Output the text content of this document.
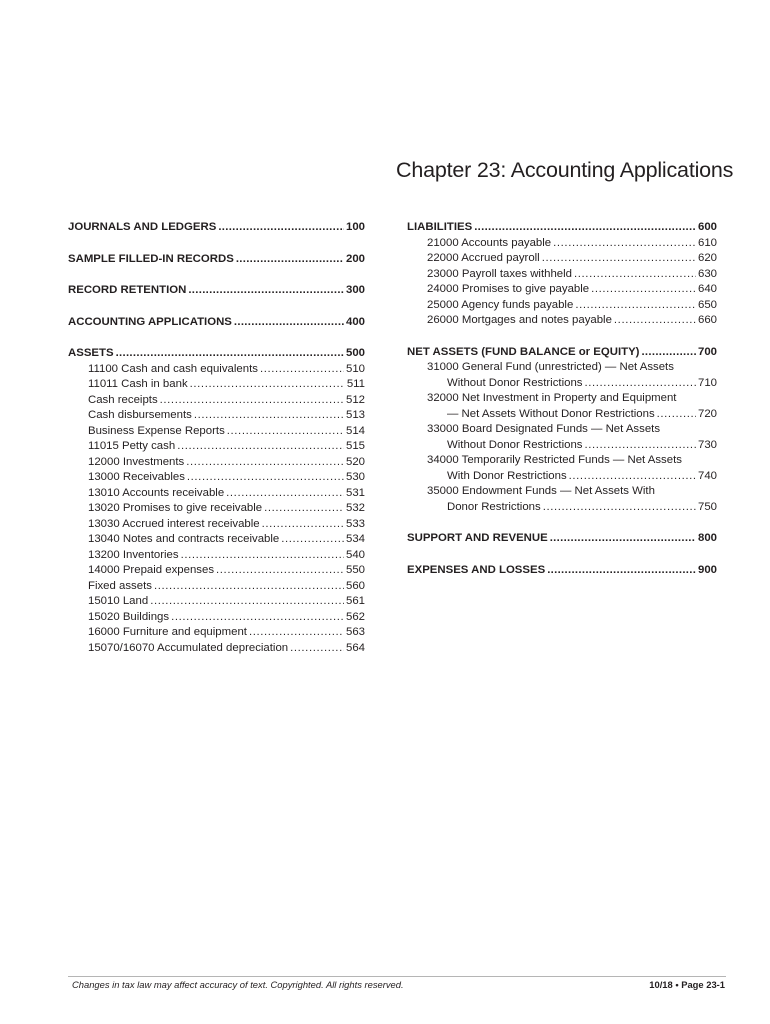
Chapter 23: Accounting Applications
JOURNALS AND LEDGERS .....	100
SAMPLE FILLED-IN RECORDS .....	200
RECORD RETENTION .....	300
ACCOUNTING APPLICATIONS .....	400
ASSETS .....	500
11100 Cash and cash equivalents .....	510
11011 Cash in bank .....	511
Cash receipts .....	512
Cash disbursements .....	513
Business Expense Reports .....	514
11015 Petty cash .....	515
12000 Investments .....	520
13000 Receivables .....	530
13010 Accounts receivable .....	531
13020 Promises to give receivable .....	532
13030 Accrued interest receivable .....	533
13040 Notes and contracts receivable .....	534
13200 Inventories .....	540
14000 Prepaid expenses .....	550
Fixed assets .....	560
15010 Land .....	561
15020 Buildings .....	562
16000 Furniture and equipment .....	563
15070/16070 Accumulated depreciation .....	564
LIABILITIES .....	600
21000 Accounts payable .....	610
22000 Accrued payroll .....	620
23000 Payroll taxes withheld .....	630
24000 Promises to give payable .....	640
25000 Agency funds payable .....	650
26000 Mortgages and notes payable .....	660
NET ASSETS (FUND BALANCE or EQUITY) .....	700
31000 General Fund (unrestricted) — Net Assets
Without Donor Restrictions .....	710
32000 Net Investment in Property and Equipment
— Net Assets Without Donor Restrictions .....	720
33000 Board Designated Funds — Net Assets
Without Donor Restrictions .....	730
34000 Temporarily Restricted Funds — Net Assets
With Donor Restrictions .....	740
35000 Endowment Funds — Net Assets With
Donor Restrictions .....	750
SUPPORT AND REVENUE .....	800
EXPENSES AND LOSSES .....	900
Changes in tax law may affect accuracy of text. Copyrighted. All rights reserved.	10/18 • Page 23-1
